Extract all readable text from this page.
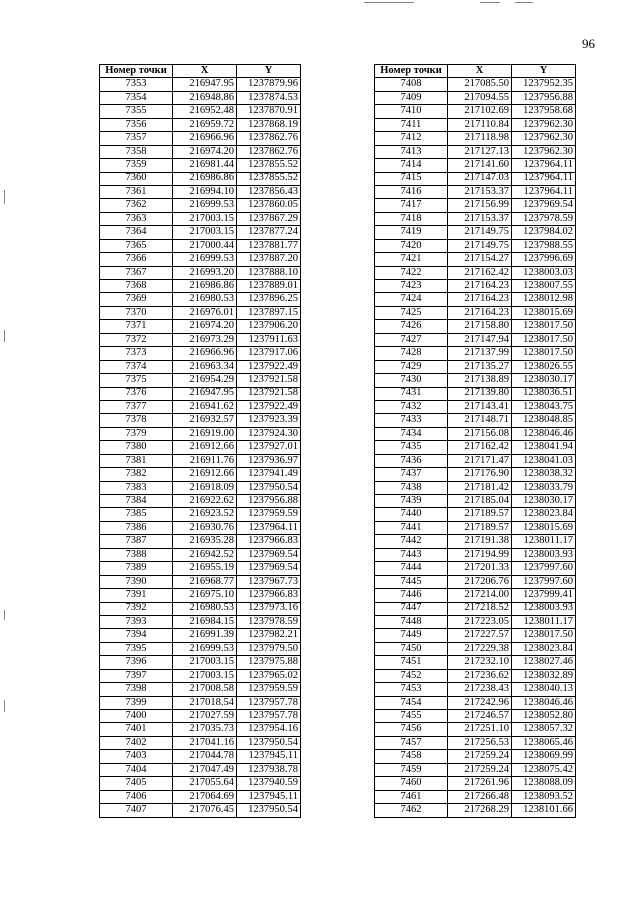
96
Номер точки	X	Y
7353	216947.95	1237879.96
7354	216948.86	1237874.53
7355	216952.48	1237870.91
7356	216959.72	1237868.19
7357	216966.96	1237862.76
7358	216974.20	1237862.76
7359	216981.44	1237855.52
7360	216986.86	1237855.52
7361	216994.10	1237856.43
7362	216999.53	1237860.05
7363	217003.15	1237867.29
7364	217003.15	1237877.24
7365	217000.44	1237881.77
7366	216999.53	1237887.20
7367	216993.20	1237888.10
7368	216986.86	1237889.01
7369	216980.53	1237896.25
7370	216976.01	1237897.15
7371	216974.20	1237906.20
7372	216973.29	1237911.63
7373	216966.96	1237917.06
7374	216963.34	1237922.49
7375	216954.29	1237921.58
7376	216947.95	1237921.58
7377	216941.62	1237922.49
7378	216932.57	1237923.39
7379	216919.00	1237924.30
7380	216912.66	1237927.01
7381	216911.76	1237936.97
7382	216912.66	1237941.49
7383	216918.09	1237950.54
7384	216922.62	1237956.88
7385	216923.52	1237959.59
7386	216930.76	1237964.11
7387	216935.28	1237966.83
7388	216942.52	1237969.54
7389	216955.19	1237969.54
7390	216968.77	1237967.73
7391	216975.10	1237966.83
7392	216980.53	1237973.16
7393	216984.15	1237978.59
7394	216991.39	1237982.21
7395	216999.53	1237979.50
7396	217003.15	1237975.88
7397	217003.15	1237965.02
7398	217008.58	1237959.59
7399	217018.54	1237957.78
7400	217027.59	1237957.78
7401	217035.73	1237954.16
7402	217041.16	1237950.54
7403	217044.78	1237945.11
7404	217047.49	1237938.78
7405	217055.64	1237940.59
7406	217064.69	1237945.11
7407	217076.45	1237950.54
Номер точки	X	Y
7408	217085.50	1237952.35
7409	217094.55	1237956.88
7410	217102.69	1237958.68
7411	217110.84	1237962.30
7412	217118.98	1237962.30
7413	217127.13	1237962.30
7414	217141.60	1237964.11
7415	217147.03	1237964.11
7416	217153.37	1237964.11
7417	217156.99	1237969.54
7418	217153.37	1237978.59
7419	217149.75	1237984.02
7420	217149.75	1237988.55
7421	217154.27	1237996.69
7422	217162.42	1238003.03
7423	217164.23	1238007.55
7424	217164.23	1238012.98
7425	217164.23	1238015.69
7426	217158.80	1238017.50
7427	217147.94	1238017.50
7428	217137.99	1238017.50
7429	217135.27	1238026.55
7430	217138.89	1238030.17
7431	217139.80	1238036.51
7432	217143.41	1238043.75
7433	217148.71	1238048.85
7434	217156.08	1238046.46
7435	217162.42	1238041.94
7436	217171.47	1238041.03
7437	217176.90	1238038.32
7438	217181.42	1238033.79
7439	217185.04	1238030.17
7440	217189.57	1238023.84
7441	217189.57	1238015.69
7442	217191.38	1238011.17
7443	217194.99	1238003.93
7444	217201.33	1237997.60
7445	217206.76	1237997.60
7446	217214.00	1237999.41
7447	217218.52	1238003.93
7448	217223.05	1238011.17
7449	217227.57	1238017.50
7450	217229.38	1238023.84
7451	217232.10	1238027.46
7452	217236.62	1238032.89
7453	217238.43	1238040.13
7454	217242.96	1238046.46
7455	217246.57	1238052.80
7456	217251.10	1238057.32
7457	217256.53	1238065.46
7458	217259.24	1238069.99
7459	217259.24	1238075.42
7460	217261.96	1238088.09
7461	217266.48	1238093.52
7462	217268.29	1238101.66
